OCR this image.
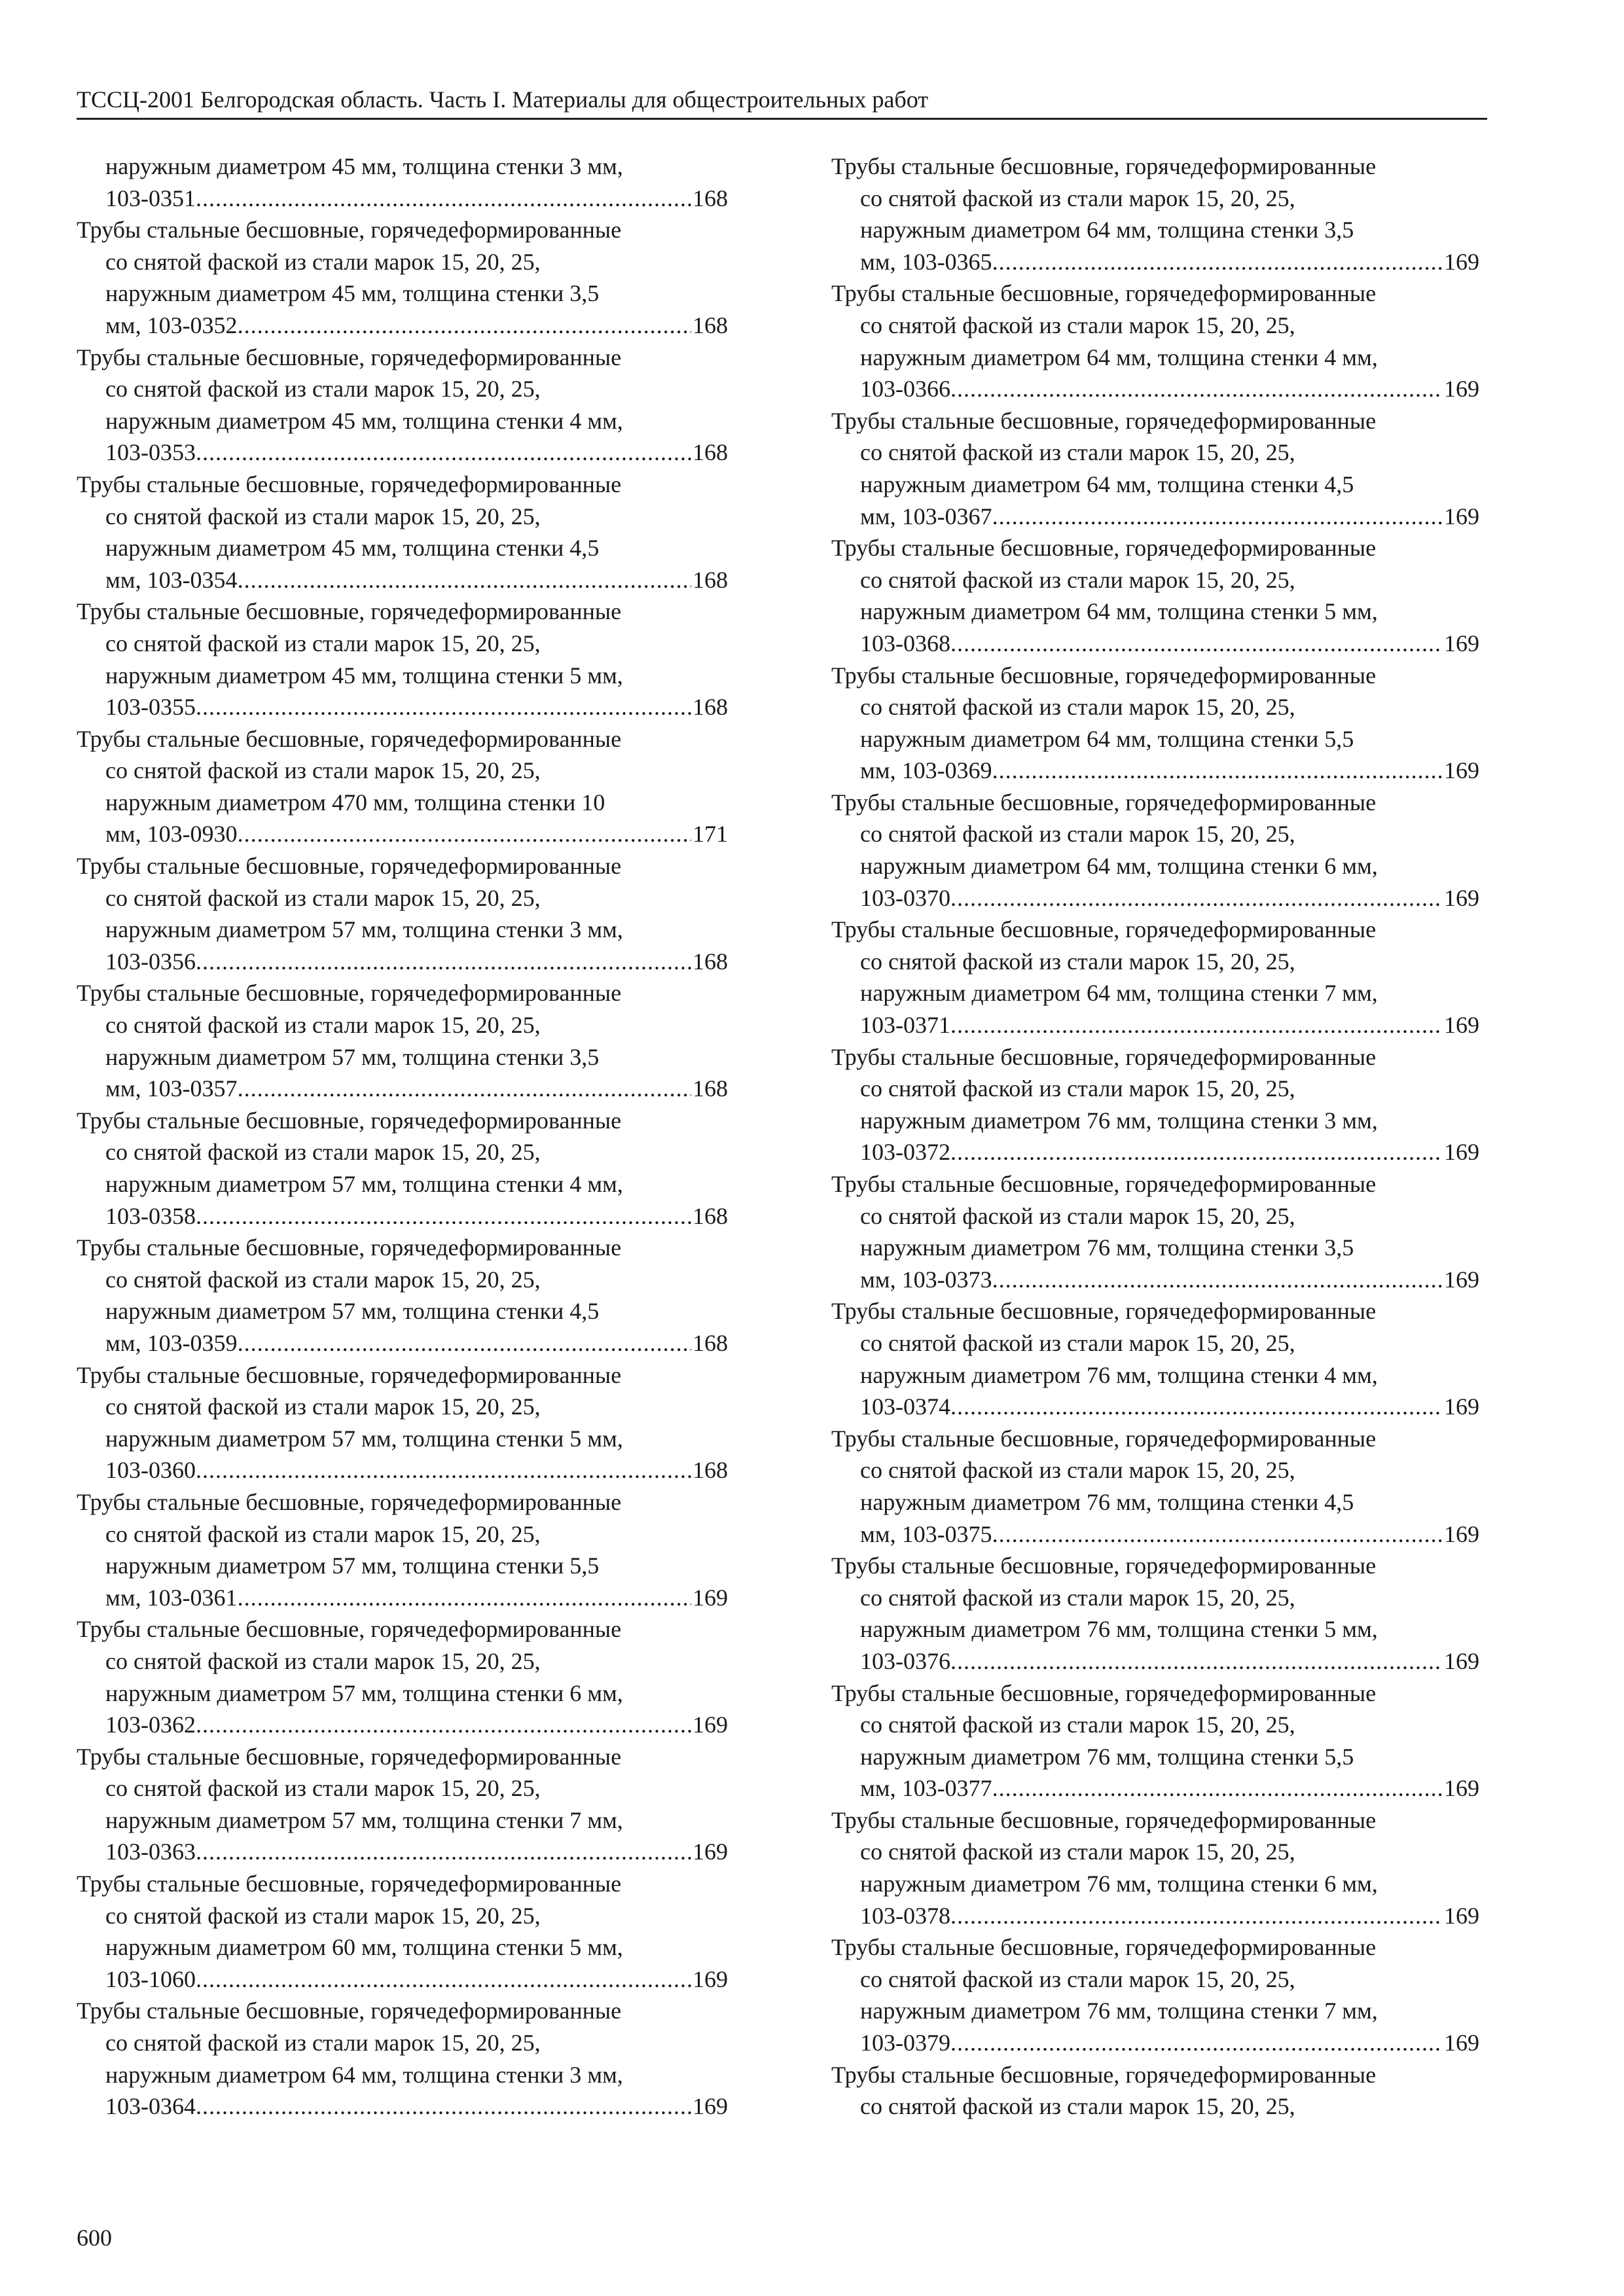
ТССЦ-2001 Белгородская область. Часть I. Материалы для общестроительных работ
наружным диаметром 45 мм, толщина стенки 3 мм,
103-0351 .....	168
Трубы стальные бесшовные, горячедеформированные
со снятой фаской из стали марок 15, 20, 25,
наружным диаметром 45 мм, толщина стенки 3,5
мм, 103-0352 .....	168
Трубы стальные бесшовные, горячедеформированные
со снятой фаской из стали марок 15, 20, 25,
наружным диаметром 45 мм, толщина стенки 4 мм,
103-0353 .....	168
Трубы стальные бесшовные, горячедеформированные
со снятой фаской из стали марок 15, 20, 25,
наружным диаметром 45 мм, толщина стенки 4,5
мм, 103-0354 .....	168
Трубы стальные бесшовные, горячедеформированные
со снятой фаской из стали марок 15, 20, 25,
наружным диаметром 45 мм, толщина стенки 5 мм,
103-0355 .....	168
Трубы стальные бесшовные, горячедеформированные
со снятой фаской из стали марок 15, 20, 25,
наружным диаметром 470 мм, толщина стенки 10
мм, 103-0930 .....	171
Трубы стальные бесшовные, горячедеформированные
со снятой фаской из стали марок 15, 20, 25,
наружным диаметром 57 мм, толщина стенки 3 мм,
103-0356 .....	168
Трубы стальные бесшовные, горячедеформированные
со снятой фаской из стали марок 15, 20, 25,
наружным диаметром 57 мм, толщина стенки 3,5
мм, 103-0357 .....	168
Трубы стальные бесшовные, горячедеформированные
со снятой фаской из стали марок 15, 20, 25,
наружным диаметром 57 мм, толщина стенки 4 мм,
103-0358 .....	168
Трубы стальные бесшовные, горячедеформированные
со снятой фаской из стали марок 15, 20, 25,
наружным диаметром 57 мм, толщина стенки 4,5
мм, 103-0359 .....	168
Трубы стальные бесшовные, горячедеформированные
со снятой фаской из стали марок 15, 20, 25,
наружным диаметром 57 мм, толщина стенки 5 мм,
103-0360 .....	168
Трубы стальные бесшовные, горячедеформированные
со снятой фаской из стали марок 15, 20, 25,
наружным диаметром 57 мм, толщина стенки 5,5
мм, 103-0361 .....	169
Трубы стальные бесшовные, горячедеформированные
со снятой фаской из стали марок 15, 20, 25,
наружным диаметром 57 мм, толщина стенки 6 мм,
103-0362 .....	169
Трубы стальные бесшовные, горячедеформированные
со снятой фаской из стали марок 15, 20, 25,
наружным диаметром 57 мм, толщина стенки 7 мм,
103-0363 .....	169
Трубы стальные бесшовные, горячедеформированные
со снятой фаской из стали марок 15, 20, 25,
наружным диаметром 60 мм, толщина стенки 5 мм,
103-1060 .....	169
Трубы стальные бесшовные, горячедеформированные
со снятой фаской из стали марок 15, 20, 25,
наружным диаметром 64 мм, толщина стенки 3 мм,
103-0364 .....	169
Трубы стальные бесшовные, горячедеформированные
со снятой фаской из стали марок 15, 20, 25,
наружным диаметром 64 мм, толщина стенки 3,5
мм, 103-0365 .....	169
Трубы стальные бесшовные, горячедеформированные
со снятой фаской из стали марок 15, 20, 25,
наружным диаметром 64 мм, толщина стенки 4 мм,
103-0366 .....	169
Трубы стальные бесшовные, горячедеформированные
со снятой фаской из стали марок 15, 20, 25,
наружным диаметром 64 мм, толщина стенки 4,5
мм, 103-0367 .....	169
Трубы стальные бесшовные, горячедеформированные
со снятой фаской из стали марок 15, 20, 25,
наружным диаметром 64 мм, толщина стенки 5 мм,
103-0368 .....	169
Трубы стальные бесшовные, горячедеформированные
со снятой фаской из стали марок 15, 20, 25,
наружным диаметром 64 мм, толщина стенки 5,5
мм, 103-0369 .....	169
Трубы стальные бесшовные, горячедеформированные
со снятой фаской из стали марок 15, 20, 25,
наружным диаметром 64 мм, толщина стенки 6 мм,
103-0370 .....	169
Трубы стальные бесшовные, горячедеформированные
со снятой фаской из стали марок 15, 20, 25,
наружным диаметром 64 мм, толщина стенки 7 мм,
103-0371 .....	169
Трубы стальные бесшовные, горячедеформированные
со снятой фаской из стали марок 15, 20, 25,
наружным диаметром 76 мм, толщина стенки 3 мм,
103-0372 .....	169
Трубы стальные бесшовные, горячедеформированные
со снятой фаской из стали марок 15, 20, 25,
наружным диаметром 76 мм, толщина стенки 3,5
мм, 103-0373 .....	169
Трубы стальные бесшовные, горячедеформированные
со снятой фаской из стали марок 15, 20, 25,
наружным диаметром 76 мм, толщина стенки 4 мм,
103-0374 .....	169
Трубы стальные бесшовные, горячедеформированные
со снятой фаской из стали марок 15, 20, 25,
наружным диаметром 76 мм, толщина стенки 4,5
мм, 103-0375 .....	169
Трубы стальные бесшовные, горячедеформированные
со снятой фаской из стали марок 15, 20, 25,
наружным диаметром 76 мм, толщина стенки 5 мм,
103-0376 .....	169
Трубы стальные бесшовные, горячедеформированные
со снятой фаской из стали марок 15, 20, 25,
наружным диаметром 76 мм, толщина стенки 5,5
мм, 103-0377 .....	169
Трубы стальные бесшовные, горячедеформированные
со снятой фаской из стали марок 15, 20, 25,
наружным диаметром 76 мм, толщина стенки 6 мм,
103-0378 .....	169
Трубы стальные бесшовные, горячедеформированные
со снятой фаской из стали марок 15, 20, 25,
наружным диаметром 76 мм, толщина стенки 7 мм,
103-0379 .....	169
Трубы стальные бесшовные, горячедеформированные
со снятой фаской из стали марок 15, 20, 25,
600
